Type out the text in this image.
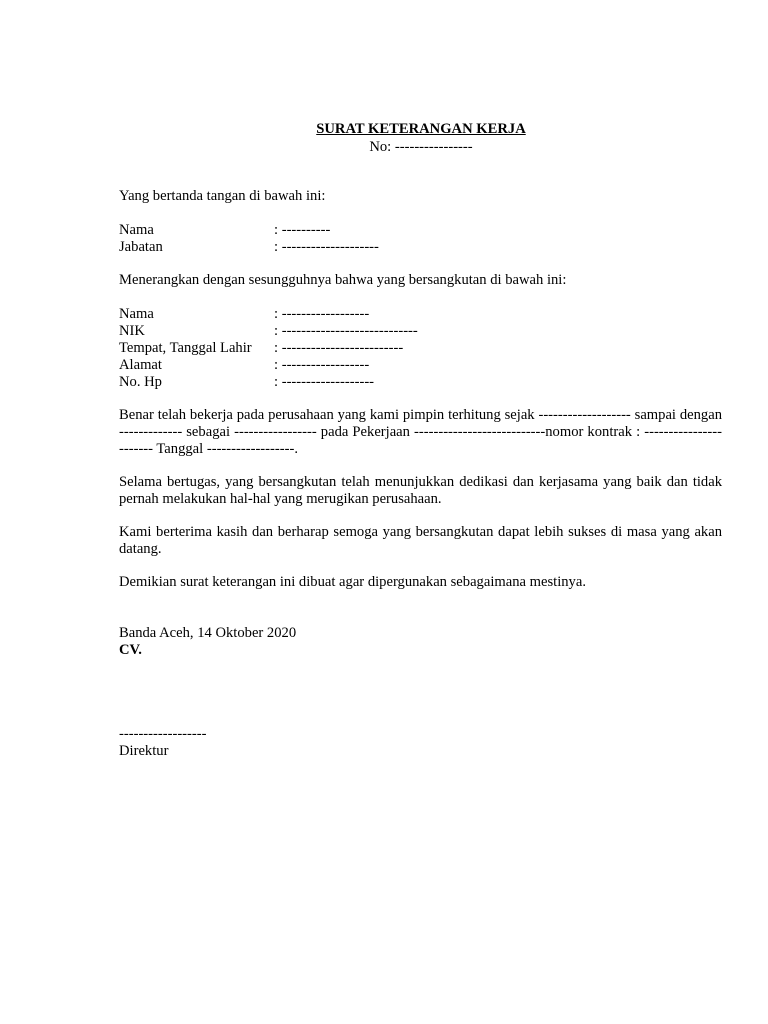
SURAT KETERANGAN KERJA
No: ----------------
Yang bertanda tangan di bawah ini:
Nama	: ----------
Jabatan	: --------------------
Menerangkan dengan sesungguhnya bahwa yang bersangkutan di bawah ini:
Nama	: ------------------
NIK	: ----------------------------
Tempat, Tanggal Lahir : -------------------------
Alamat	: ------------------
No. Hp	: -------------------
Benar telah bekerja pada perusahaan yang kami pimpin terhitung sejak ------------------- sampai dengan ------------- sebagai ----------------- pada Pekerjaan ---------------------------nomor kontrak : ----------------------- Tanggal ------------------.
Selama bertugas, yang bersangkutan telah menunjukkan dedikasi dan kerjasama yang baik dan tidak pernah melakukan hal-hal yang merugikan perusahaan.
Kami berterima kasih dan berharap semoga yang bersangkutan dapat lebih sukses di masa yang akan datang.
Demikian surat keterangan ini dibuat agar dipergunakan sebagaimana mestinya.
Banda Aceh, 14 Oktober 2020
CV.
------------------
Direktur
